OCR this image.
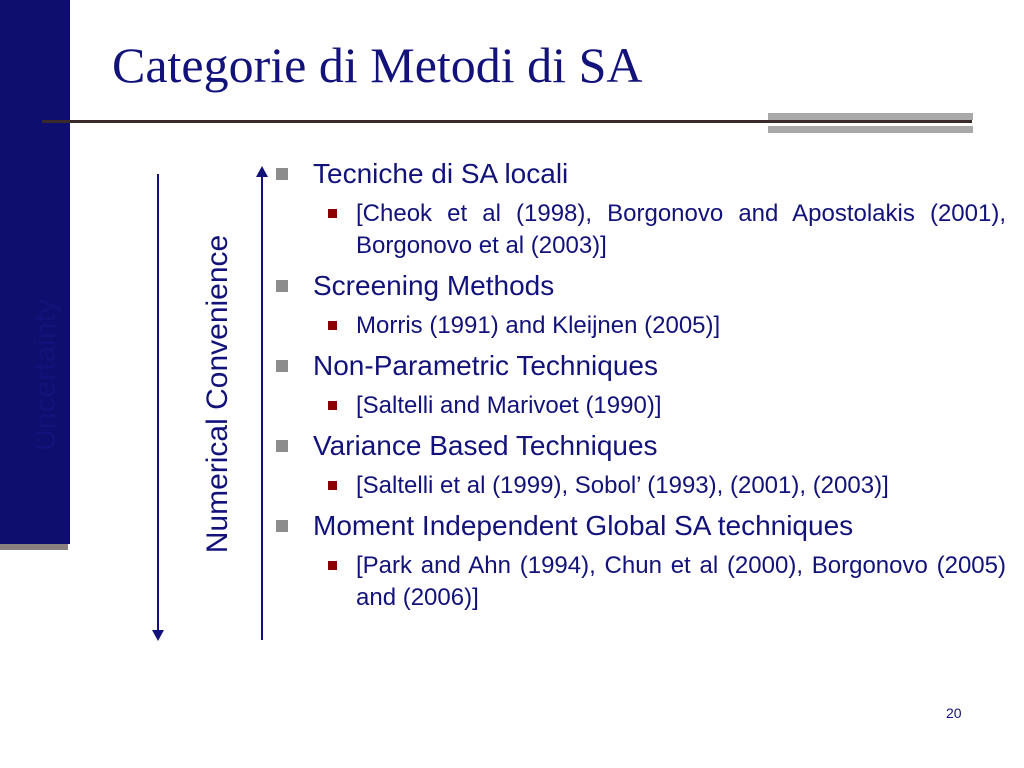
Categorie di Metodi di SA
Uncertainty	Numerical Convenience
Tecniche di SA locali
[Cheok et al (1998), Borgonovo and Apostolakis (2001), Borgonovo et al (2003)]
Screening Methods
Morris (1991) and Kleijnen (2005)]
Non-Parametric Techniques
[Saltelli and Marivoet (1990)]
Variance Based Techniques
[Saltelli et al (1999), Sobol’ (1993), (2001), (2003)]
Moment Independent Global SA techniques
[Park and Ahn (1994), Chun et al (2000), Borgonovo (2005) and (2006)]
20
